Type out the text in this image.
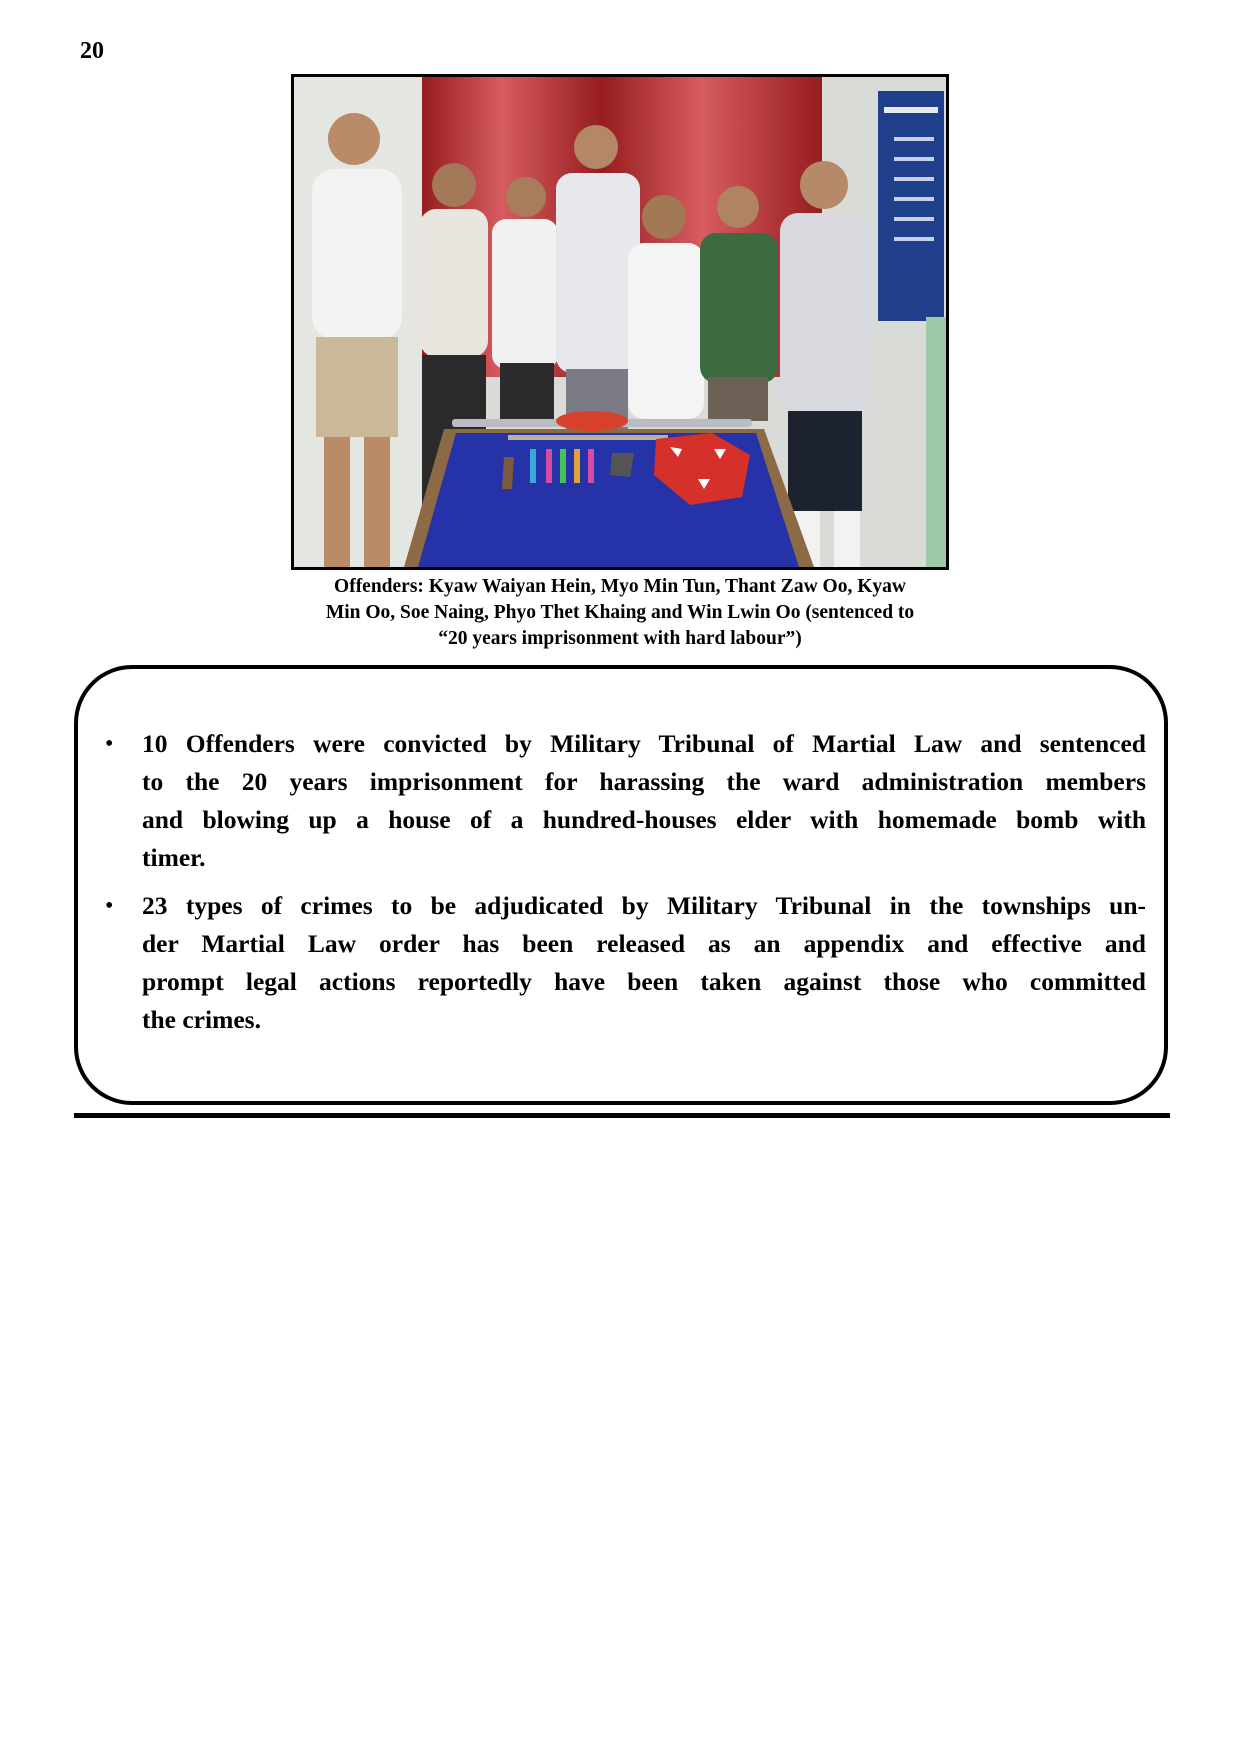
20
Offenders: Kyaw Waiyan Hein, Myo Min Tun, Thant Zaw Oo, Kyaw
Min Oo, Soe Naing, Phyo Thet Khaing and Win Lwin Oo (sentenced to
“20 years imprisonment with hard labour”)
• 10 Offenders were convicted by Military Tribunal of Martial Law and sentenced
to the 20 years imprisonment for harassing the ward administration members
and blowing up a house of a hundred-houses elder with homemade bomb with
timer.
• 23 types of crimes to be adjudicated by Military Tribunal in the townships un-
der Martial Law order has been released as an appendix and effective and
prompt legal actions reportedly have been taken against those who committed
the crimes.
